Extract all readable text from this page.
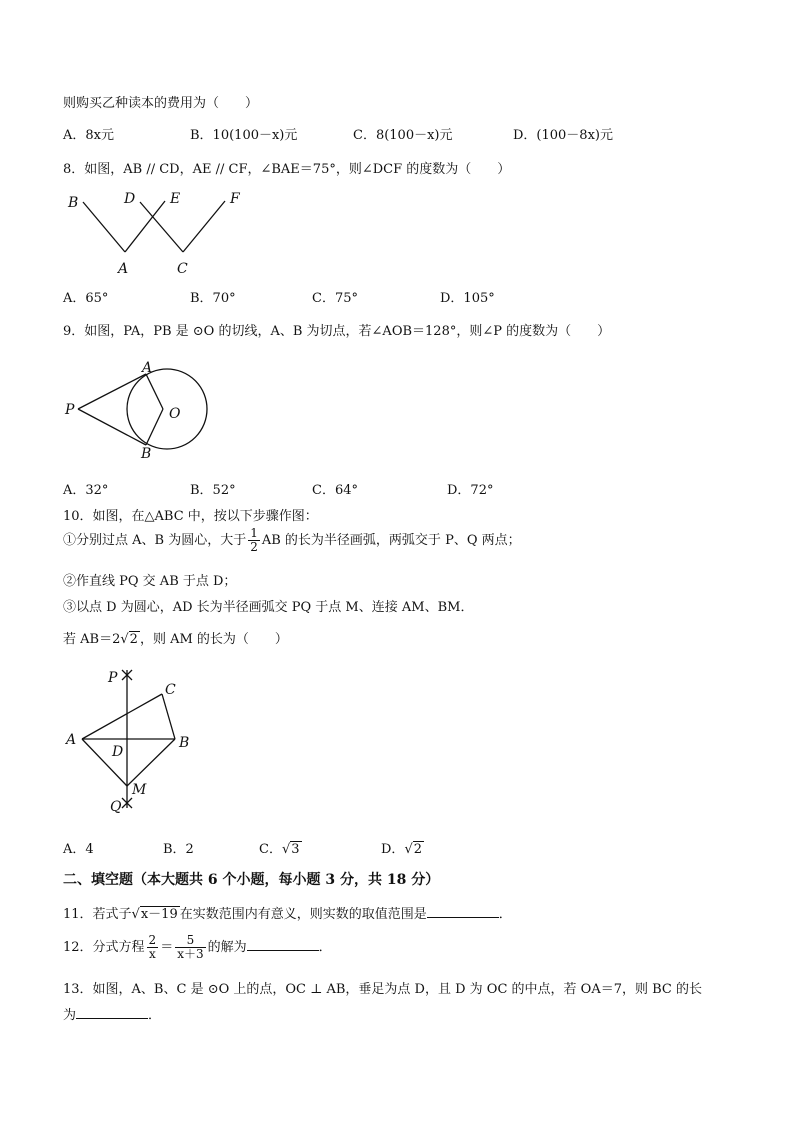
则购买乙种读本的费用为（　　）
A．8x元	B．10(100－x)元	C．8(100－x)元	D．(100－8x)元
8．如图，AB // CD，AE // CF，∠BAE＝75°，则∠DCF 的度数为（　　）
B	D E	F
A	C
A．65°	B．70°	C．75°	D．105°
9．如图，PA，PB 是 ⊙O 的切线，A、B 为切点，若∠AOB＝128°，则∠P 的度数为（　　）
A
P	O
B
A．32°	B．52°	C．64°	D．72°
10．如图，在△ABC 中，按以下步骤作图：
①分别过点 A、B 为圆心，大于 $\frac{1}{2}$ AB 的长为半径画弧，两弧交于 P、Q 两点；
②作直线 PQ 交 AB 于点 D；
③以点 D 为圆心，AD 长为半径画弧交 PQ 于点 M、连接 AM、BM．
若 AB＝2√2 ，则 AM 的长为（　　）
P
C
A
D
B
M
Q
A．4	B．2	C．√3	D．√2
二、填空题（本大题共 6 个小题，每小题 3 分，共 18 分）
11．若式子√x－19 在实数范围内有意义，则实数的取值范围是	．
12．分式方程 $\frac{2}{x} = \frac{5}{x+3}$ 的解为	．
13．如图，A、B、C 是 ⊙O 上的点，OC ⊥ AB，垂足为点 D，且 D 为 OC 的中点，若 OA＝7，则 BC 的长
为	．
